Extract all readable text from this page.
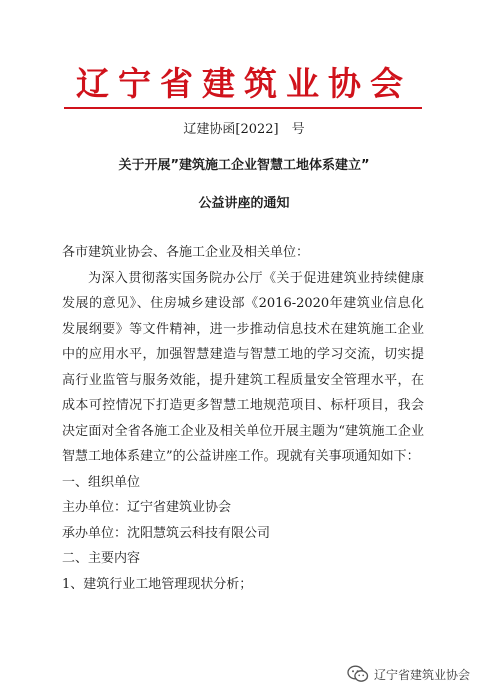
辽宁省建筑业协会
辽建协函[2022]　号
关于开展”建筑施工企业智慧工地体系建立”
公益讲座的通知

各市建筑业协会、各施工企业及相关单位：

为深入贯彻落实国务院办公厅《关于促进建筑业持续健康发展的意见》、住房城乡建设部《2016-2020年建筑业信息化发展纲要》等文件精神，进一步推动信息技术在建筑施工企业中的应用水平，加强智慧建造与智慧工地的学习交流，切实提高行业监管与服务效能，提升建筑工程质量安全管理水平，在成本可控情况下打造更多智慧工地规范项目、标杆项目，我会决定面对全省各施工企业及相关单位开展主题为“建筑施工企业智慧工地体系建立”的公益讲座工作。现就有关事项通知如下：

一、组织单位

主办单位：辽宁省建筑业协会

承办单位：沈阳慧筑云科技有限公司

二、主要内容

1、建筑行业工地管理现状分析；

辽宁省建筑业协会
